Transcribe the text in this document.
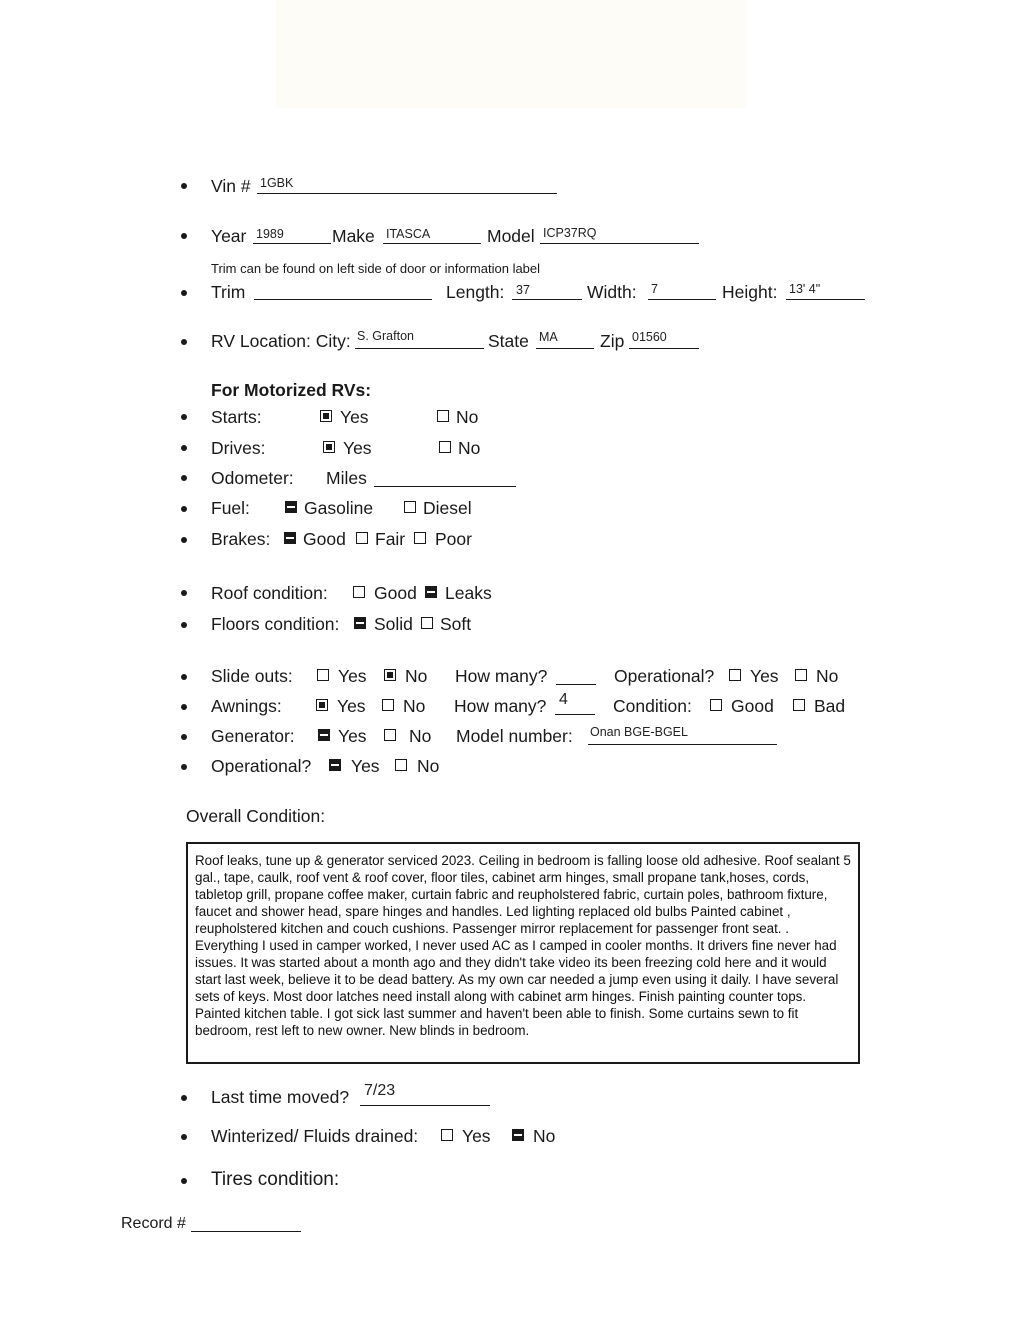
Vin # 1GBK
Year 1989	Make ITASCA	Model ICP37RQ
Trim can be found on left side of door or information label
Trim	Length: 37	Width: 7	Height: 13' 4"
RV Location: City: S. Grafton	State MA Zip 01560
For Motorized RVs:
Starts:	Yes	No
Drives:	Yes	No
Odometer: Miles
Fuel:	Gasoline	Diesel
Brakes: Good Fair Poor
Roof condition:	Good Leaks
Floors condition: Solid Soft
Slide outs:	Yes No How many?	Operational? Yes No
Awnings:	Yes No How many? 4	Condition: Good Bad
Generator: Yes No Model number: Onan BGE-BGEL
Operational? Yes No
Overall Condition:
Roof leaks, tune up & generator serviced 2023. Ceiling in bedroom is falling loose old adhesive. Roof sealant 5 gal., tape, caulk, roof vent & roof cover, floor tiles, cabinet arm hinges, small propane tank,hoses, cords, tabletop grill, propane coffee maker, curtain fabric and reupholstered fabric, curtain poles, bathroom fixture, faucet and shower head, spare hinges and handles. Led lighting replaced old bulbs Painted cabinet , reupholstered kitchen and couch cushions. Passenger mirror replacement for passenger front seat. . Everything I used in camper worked, I never used AC as I camped in cooler months. It drivers fine never had issues. It was started about a month ago and they didn't take video its been freezing cold here and it would start last week, believe it to be dead battery. As my own car needed a jump even using it daily. I have several sets of keys. Most door latches need install along with cabinet arm hinges. Finish painting counter tops. Painted kitchen table. I got sick last summer and haven't been able to finish. Some curtains sewn to fit bedroom, rest left to new owner. New blinds in bedroom.
Last time moved? 7/23
Winterized/ Fluids drained:	Yes No
Tires condition:
Record #
